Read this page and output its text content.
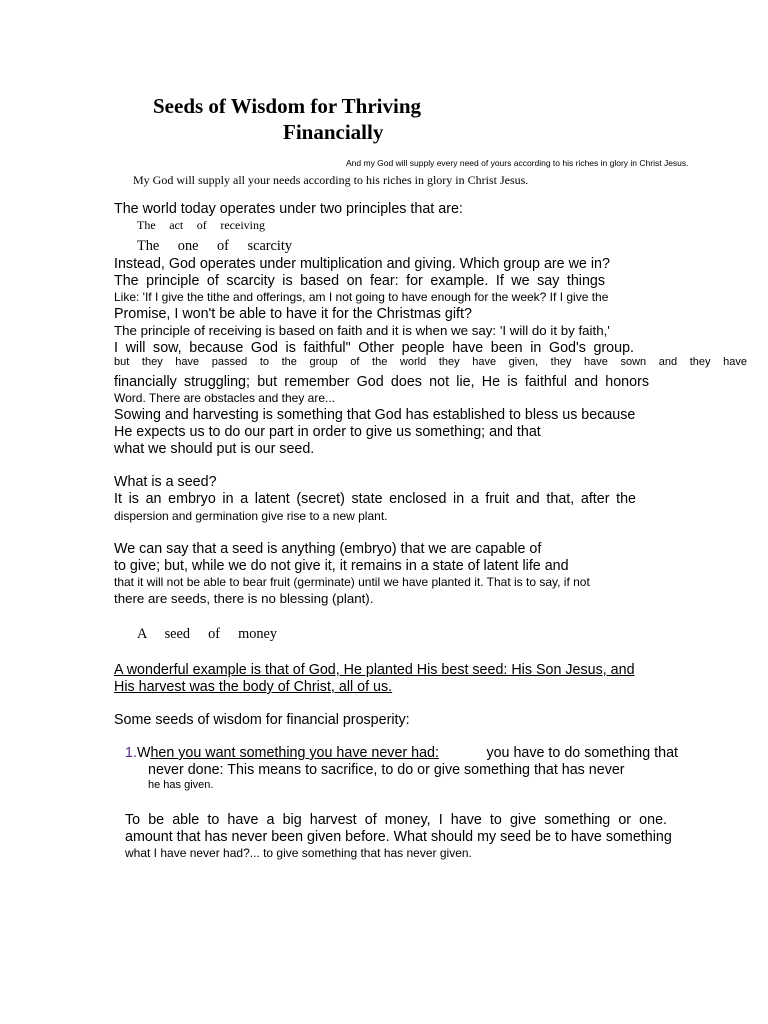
Seeds of Wisdom for Thriving
Financially
And my God will supply every need of yours according to his riches in glory in Christ Jesus.
My God will supply all your needs according to his riches in glory in Christ Jesus.
The world today operates under two principles that are:
The act of receiving
The one of scarcity
Instead, God operates under multiplication and giving. Which group are we in?
The principle of scarcity is based on fear: for example. If we say things
Like: 'If I give the tithe and offerings, am I not going to have enough for the week? If I give the
Promise, I won't be able to have it for the Christmas gift?
The principle of receiving is based on faith and it is when we say: 'I will do it by faith,'
I will sow, because God is faithful" Other people have been in God's group.
but they have passed to the group of the world they have given, they have sown and they have
financially struggling; but remember God does not lie, He is faithful and honors
Word. There are obstacles and they are...
Sowing and harvesting is something that God has established to bless us because
He expects us to do our part in order to give us something; and that
what we should put is our seed.
What is a seed?
It is an embryo in a latent (secret) state enclosed in a fruit and that, after the
dispersion and germination give rise to a new plant.
We can say that a seed is anything (embryo) that we are capable of
to give; but, while we do not give it, it remains in a state of latent life and
that it will not be able to bear fruit (germinate) until we have planted it. That is to say, if not
there are seeds, there is no blessing (plant).
A seed of money
A wonderful example is that of God, He planted His best seed: His Son Jesus, and
His harvest was the body of Christ, all of us.
Some seeds of wisdom for financial prosperity:
1.When you want something you have never had:	you have to do something that
never done: This means to sacrifice, to do or give something that has never
he has given.
To be able to have a big harvest of money, I have to give something or one.
amount that has never been given before. What should my seed be to have something
what I have never had?... to give something that has never given.
